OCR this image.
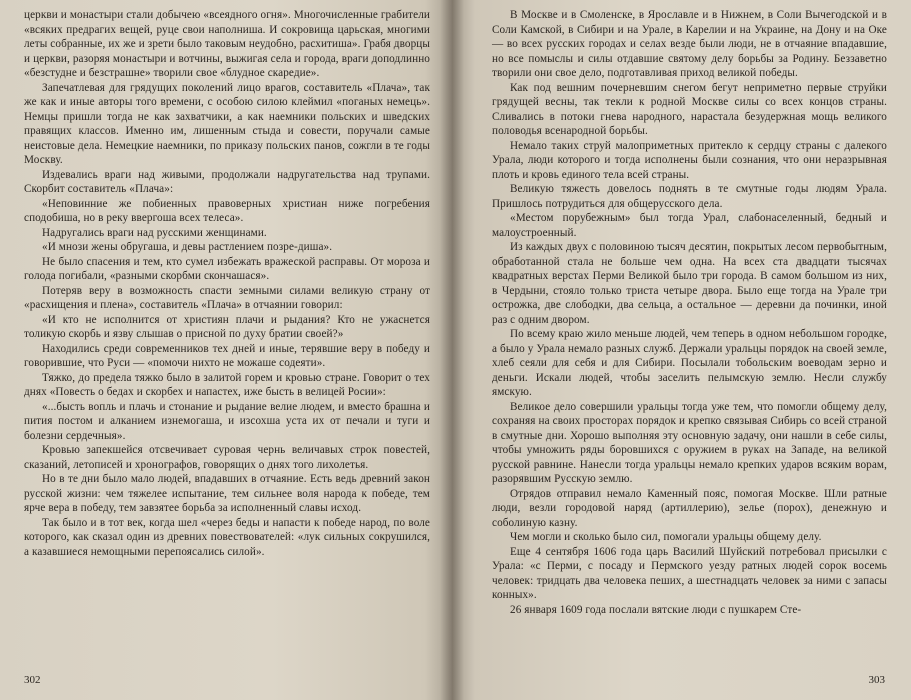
церкви и монастыри стали добычею «всеядного огня». Многочисленные грабители «всяких предрагих вещей, руце свои наполниша. И сокровища царьская, многими леты собранные, их же и зрети было таковым неудобно, расхитиша». Грабя дворцы и церкви, разоряя монастыри и вотчины, выжигая села и города, враги доподлинно «безстудне и безстрашне» творили свое «блудное скаредие».

Запечатлевая для грядущих поколений лицо врагов, составитель «Плача», так же как и иные авторы того времени, с особою силою клеймил «поганых немець». Немцы пришли тогда не как захватчики, а как наемники польских и шведских правящих классов. Именно им, лишенным стыда и совести, поручали самые неистовые дела. Немецкие наемники, по приказу польских панов, сожгли в те годы Москву.

Издевались враги над живыми, продолжали надругательства над трупами. Скорбит составитель «Плача»:

«Неповинние же побиенных правоверных христиан ниже погребения сподобиша, но в реку ввергоша всех телеса».

Надругались враги над русскими женщинами.

«И мнози жены обругаша, и девы растлением позре-диша».

Не было спасения и тем, кто сумел избежать вражеской расправы. От мороза и голода погибали, «разными скорбми скончашася».

Потеряв веру в возможность спасти земными силами великую страну от «расхищения и плена», составитель «Плача» в отчаянии говорил:

«И кто не исполнится от християн плачи и рыдания? Кто не ужаснется толикую скорбь и язву слышав о присной по духу братии своей?»

Находились среди современников тех дней и иные, терявшие веру в победу и говорившие, что Руси — «помочи нихто не можаше содеяти».

Тяжко, до предела тяжко было в залитой горем и кровью стране. Говорит о тех днях «Повесть о бедах и скорбех и напастех, иже бысть в велицей Росии»:

«...бысть вопль и плачь и стонание и рыдание велие людем, и вместо брашна и пития постом и алканием изнемогаша, и изсохша уста их от печали и туги и болезни сердечныя».

Кровью запекшейся отсвечивает суровая чернь величавых строк повестей, сказаний, летописей и хронографов, говорящих о днях того лихолетья.

Но в те дни было мало людей, впадавших в отчаяние. Есть ведь древний закон русской жизни: чем тяжелее испытание, тем сильнее воля народа к победе, тем ярче вера в победу, тем завзятее борьба за исполненный славы исход.

Так было и в тот век, когда шел «через беды и напасти к победе народ, по воле которого, как сказал один из древних повествователей: «лук сильных сокрушился, а казавшиеся немощными перепоясались силой».

302

В Москве и в Смоленске, в Ярославле и в Нижнем, в Соли Вычегодской и в Соли Камской, в Сибири и на Урале, в Карелии и на Украине, на Дону и на Оке — во всех русских городах и селах везде были люди, не в отчаяние впадавшие, но все помыслы и силы отдавшие святому делу борьбы за Родину. Беззаветно творили они свое дело, подготавливая приход великой победы.

Как под вешним почерневшим снегом бегут неприметно первые струйки грядущей весны, так текли к родной Москве силы со всех концов страны. Сливались в потоки гнева народного, нарастала безудержная мощь великого половодья всенародной борьбы.

Немало таких струй малоприметных притекло к сердцу страны с далекого Урала, люди которого и тогда исполнены были сознания, что они неразрывная плоть и кровь единого тела всей страны.

Великую тяжесть довелось поднять в те смутные годы людям Урала. Пришлось потрудиться для общерусского дела.

«Местом порубежным» был тогда Урал, слабонаселенный, бедный и малоустроенный.

Из каждых двух с половиною тысяч десятин, покрытых лесом первобытным, обработанной стала не больше чем одна. На всех ста двадцати тысячах квадратных верстах Перми Великой было три города. В самом большом из них, в Чердыни, стояло только триста четыре двора. Было еще тогда на Урале три острожка, две слободки, два сельца, а остальное — деревни да починки, иной раз с одним двором.

По всему краю жило меньше людей, чем теперь в одном небольшом городке, а было у Урала немало разных служб. Держали уральцы порядок на своей земле, хлеб сеяли для себя и для Сибири. Посылали тобольским воеводам зерно и деньги. Искали людей, чтобы заселить пелымскую землю. Несли службу ямскую.

Великое дело совершили уральцы тогда уже тем, что помогли общему делу, сохраняя на своих просторах порядок и крепко связывая Сибирь со всей страной в смутные дни. Хорошо выполняя эту основную задачу, они нашли в себе силы, чтобы умножить ряды боровшихся с оружием в руках на Западе, на великой русской равнине. Нанесли тогда уральцы немало крепких ударов всяким ворам, разорявшим Русскую землю.

Отрядов отправил немало Каменный пояс, помогая Москве. Шли ратные люди, везли городовой наряд (артиллерию), зелье (порох), денежную и соболиную казну.

Чем могли и сколько было сил, помогали уральцы общему делу.

Еще 4 сентября 1606 года царь Василий Шуйский потребовал присылки с Урала: «с Перми, с посаду и Пермского уезду ратных людей сорок восемь человек: тридцать два человека пеших, а шестнадцать человек за ними с запасы конных».

26 января 1609 года послали вятские люди с пушкарем Сте-

303
